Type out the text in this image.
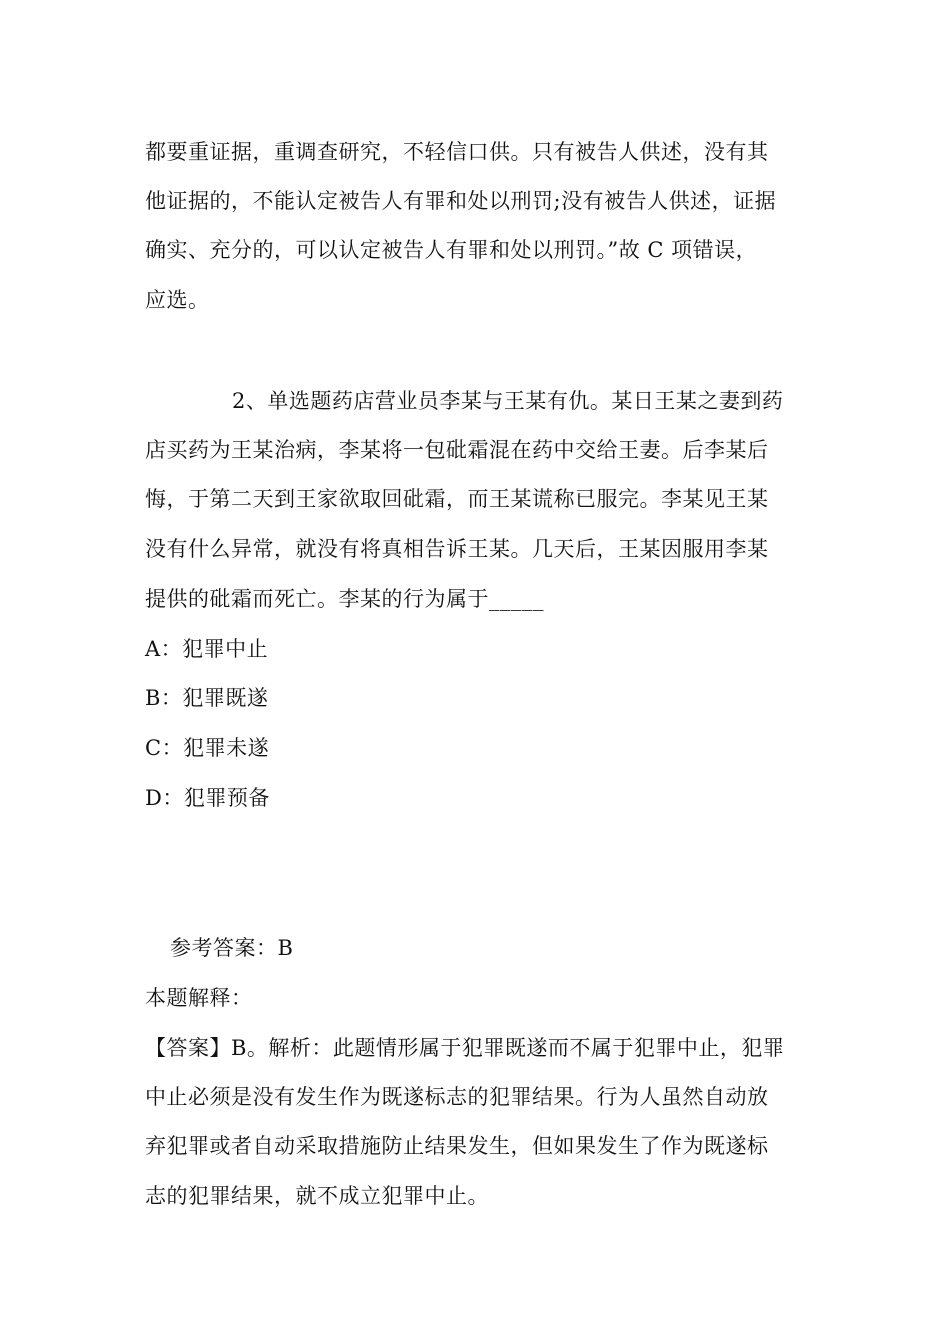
都要重证据，重调查研究，不轻信口供。只有被告人供述，没有其
他证据的，不能认定被告人有罪和处以刑罚;没有被告人供述，证据
确实、充分的，可以认定被告人有罪和处以刑罚。”故 C 项错误，
应选。
2、单选题药店营业员李某与王某有仇。某日王某之妻到药
店买药为王某治病，李某将一包砒霜混在药中交给王妻。后李某后
悔，于第二天到王家欲取回砒霜，而王某谎称已服完。李某见王某
没有什么异常，就没有将真相告诉王某。几天后，王某因服用李某
提供的砒霜而死亡。李某的行为属于_____
A：犯罪中止
B：犯罪既遂
C：犯罪未遂
D：犯罪预备
参考答案：B
本题解释：
【答案】B。解析：此题情形属于犯罪既遂而不属于犯罪中止，犯罪
中止必须是没有发生作为既遂标志的犯罪结果。行为人虽然自动放
弃犯罪或者自动采取措施防止结果发生，但如果发生了作为既遂标
志的犯罪结果，就不成立犯罪中止。
